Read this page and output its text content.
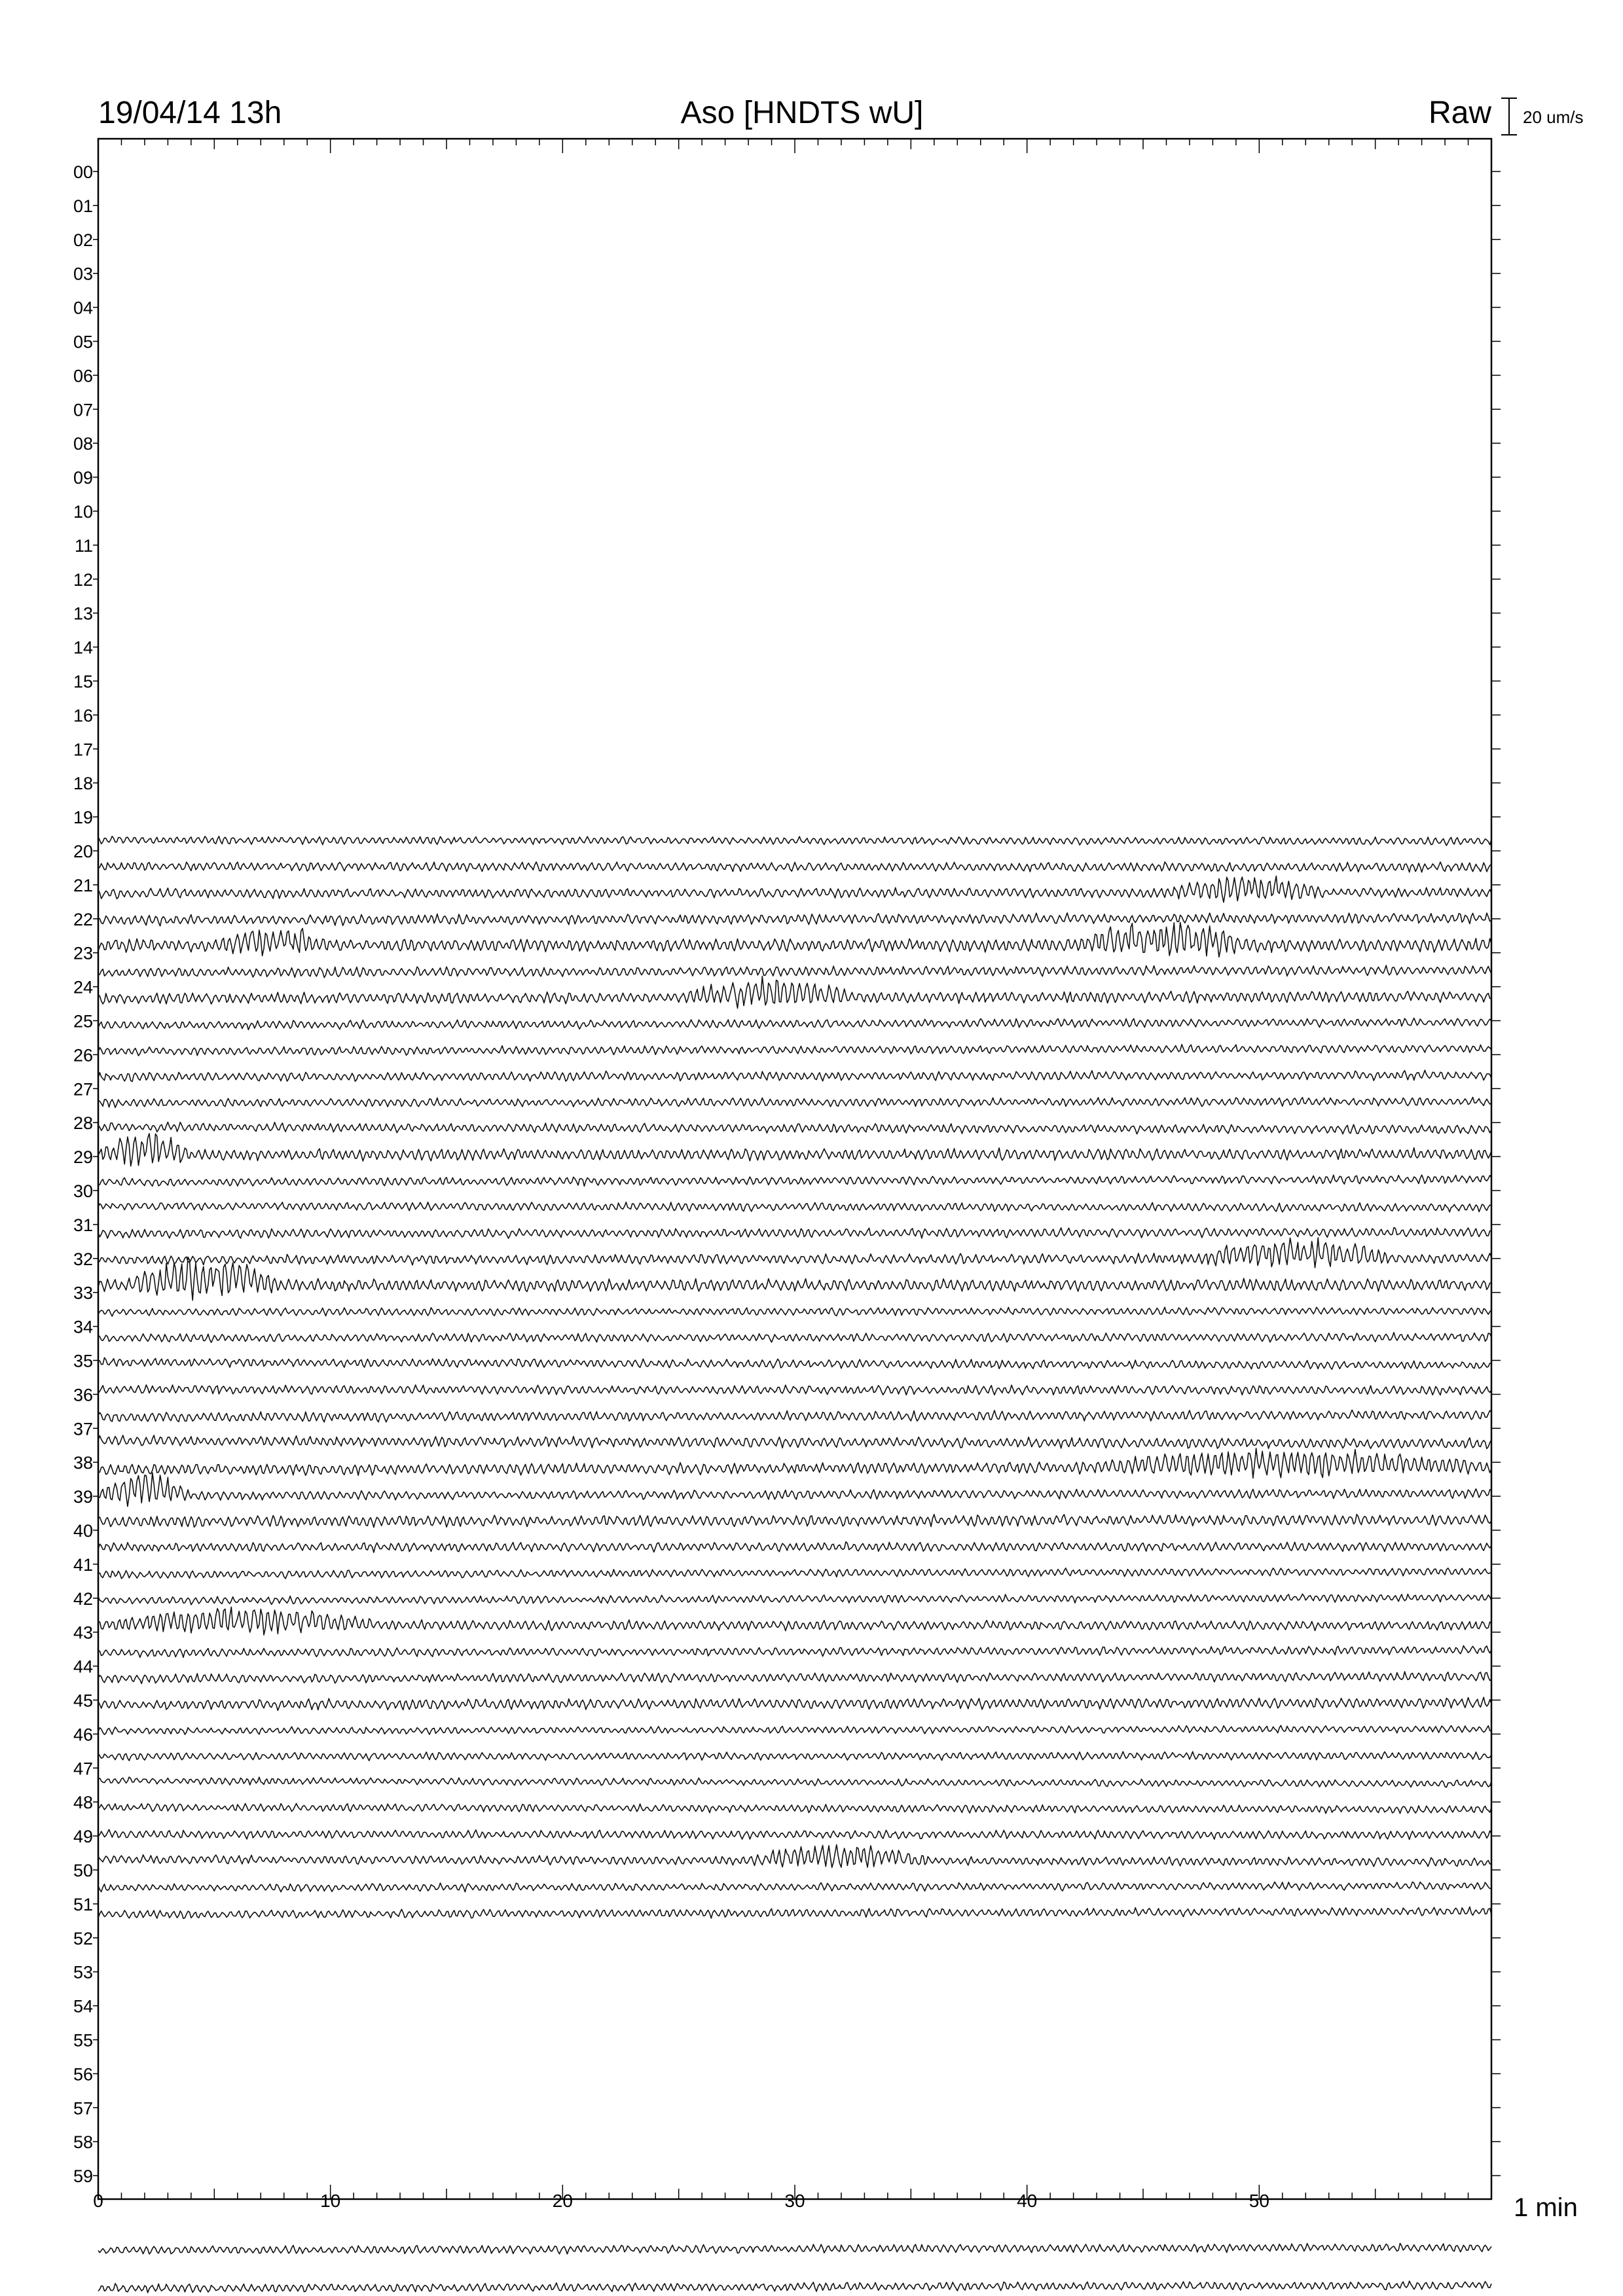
19/04/14 13h	Aso [HNDTS wU]	Raw 20 um/s
00
01
02
03
04
05
06
07
08
09
10
11
12
13
14
15
16
17
18
19
20
21
22
23
24
25
26
27
28
29
30
31
32
33
34
35
36
37
38
39
40
41
42
43
44
45
46
47
48
49
50
51
52
53
54
55
56
57
58
59
0	10	20	30	40	50	1 min
